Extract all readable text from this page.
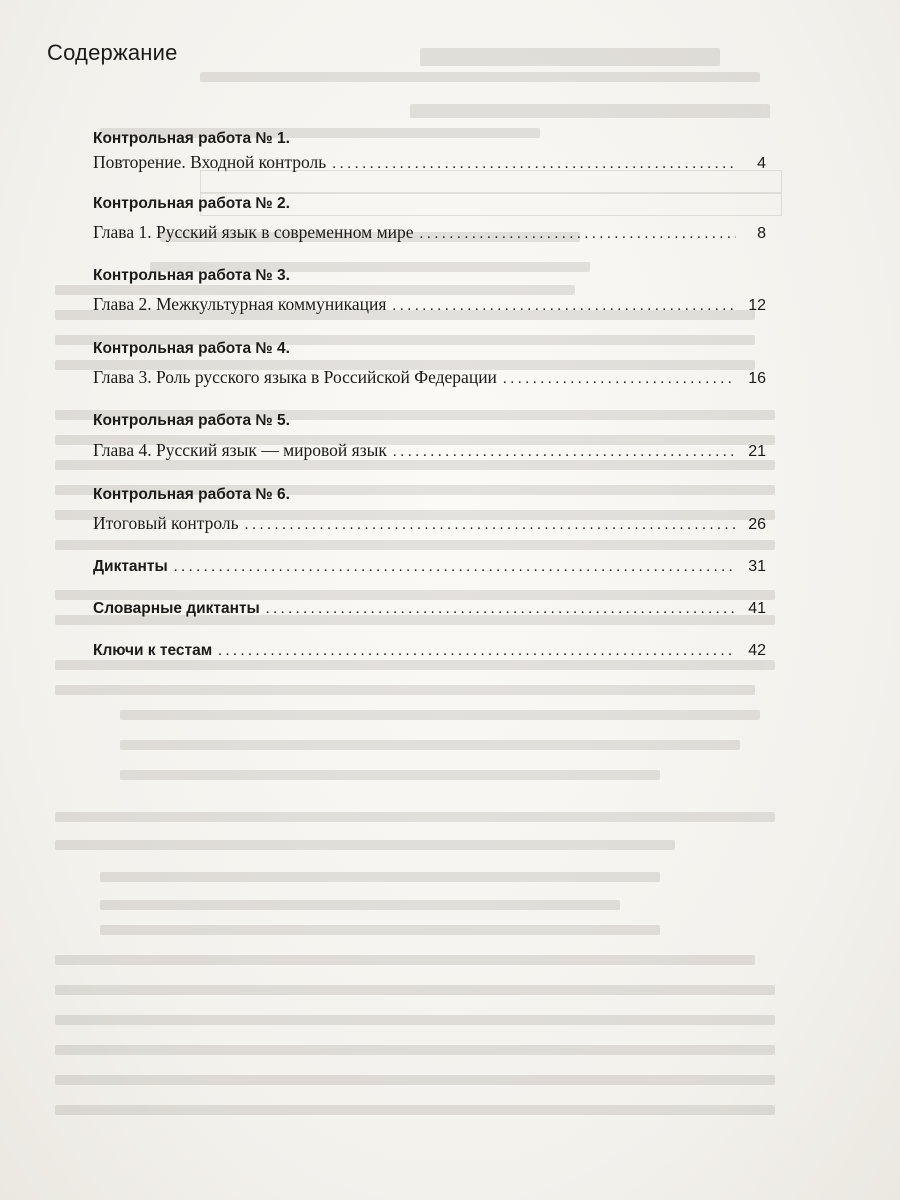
Содержание
Контрольная работа № 1.
Повторение. Входной контроль . . .	4
Контрольная работа № 2.
Глава 1. Русский язык в современном мире . . .	8
Контрольная работа № 3.
Глава 2. Межкультурная коммуникация . . .	12
Контрольная работа № 4.
Глава 3. Роль русского языка в Российской Федерации . . .	16
Контрольная работа № 5.
Глава 4. Русский язык — мировой язык . . .	21
Контрольная работа № 6.
Итоговый контроль . . .	26
Диктанты . . .	31
Словарные диктанты . . .	41
Ключи к тестам . . .	42
